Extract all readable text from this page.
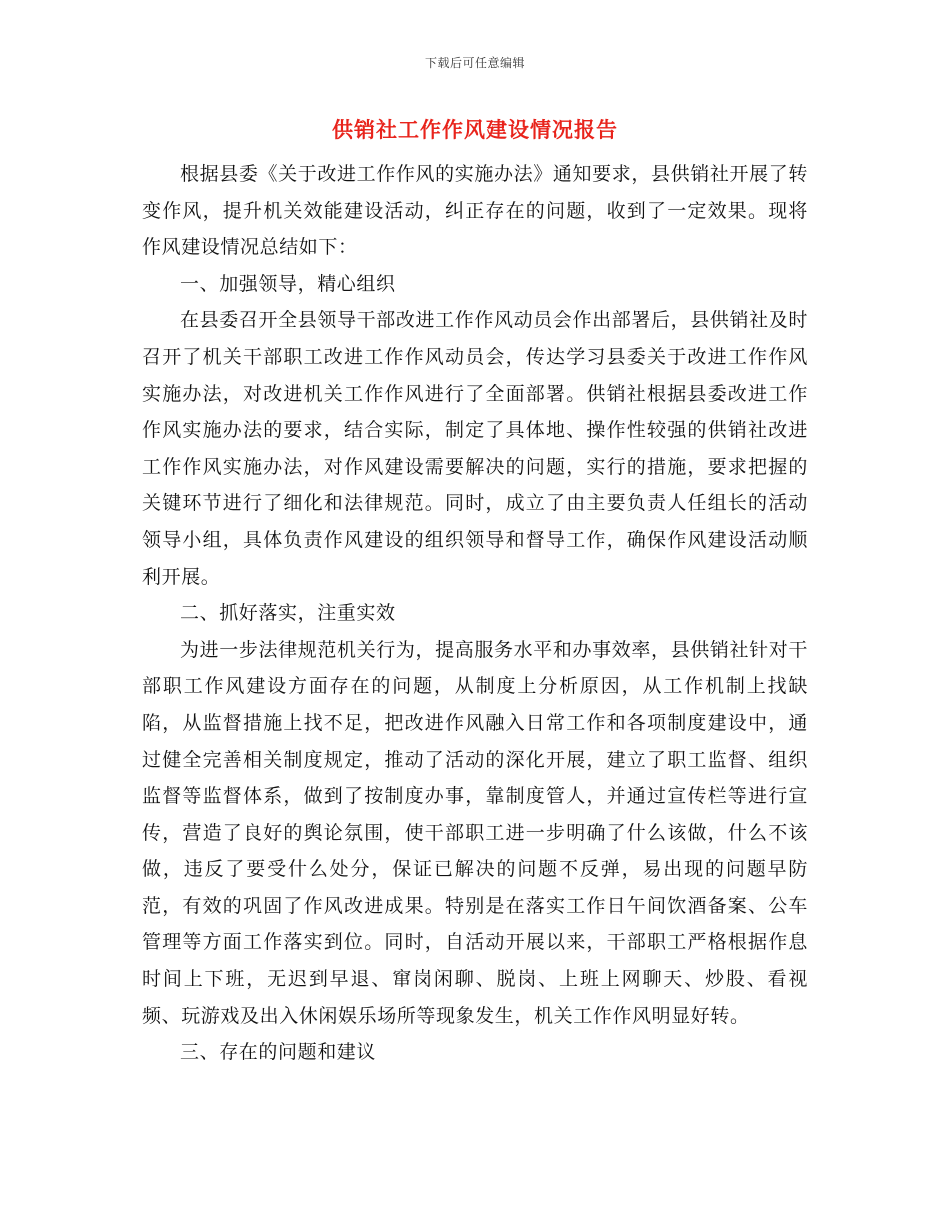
下载后可任意编辑
供销社工作作风建设情况报告

根据县委《关于改进工作作风的实施办法》通知要求，县供销社开展了转变作风，提升机关效能建设活动，纠正存在的问题，收到了一定效果。现将作风建设情况总结如下：

一、加强领导，精心组织

在县委召开全县领导干部改进工作作风动员会作出部署后，县供销社及时召开了机关干部职工改进工作作风动员会，传达学习县委关于改进工作作风实施办法，对改进机关工作作风进行了全面部署。供销社根据县委改进工作作风实施办法的要求，结合实际，制定了具体地、操作性较强的供销社改进工作作风实施办法，对作风建设需要解决的问题，实行的措施，要求把握的关键环节进行了细化和法律规范。同时，成立了由主要负责人任组长的活动领导小组，具体负责作风建设的组织领导和督导工作，确保作风建设活动顺利开展。

二、抓好落实，注重实效

为进一步法律规范机关行为，提高服务水平和办事效率，县供销社针对干部职工作风建设方面存在的问题，从制度上分析原因，从工作机制上找缺陷，从监督措施上找不足，把改进作风融入日常工作和各项制度建设中，通过健全完善相关制度规定，推动了活动的深化开展，建立了职工监督、组织监督等监督体系，做到了按制度办事，靠制度管人，并通过宣传栏等进行宣传，营造了良好的舆论氛围，使干部职工进一步明确了什么该做，什么不该做，违反了要受什么处分，保证已解决的问题不反弹，易出现的问题早防范，有效的巩固了作风改进成果。特别是在落实工作日午间饮酒备案、公车管理等方面工作落实到位。同时，自活动开展以来，干部职工严格根据作息时间上下班，无迟到早退、窜岗闲聊、脱岗、上班上网聊天、炒股、看视频、玩游戏及出入休闲娱乐场所等现象发生，机关工作作风明显好转。

三、存在的问题和建议
